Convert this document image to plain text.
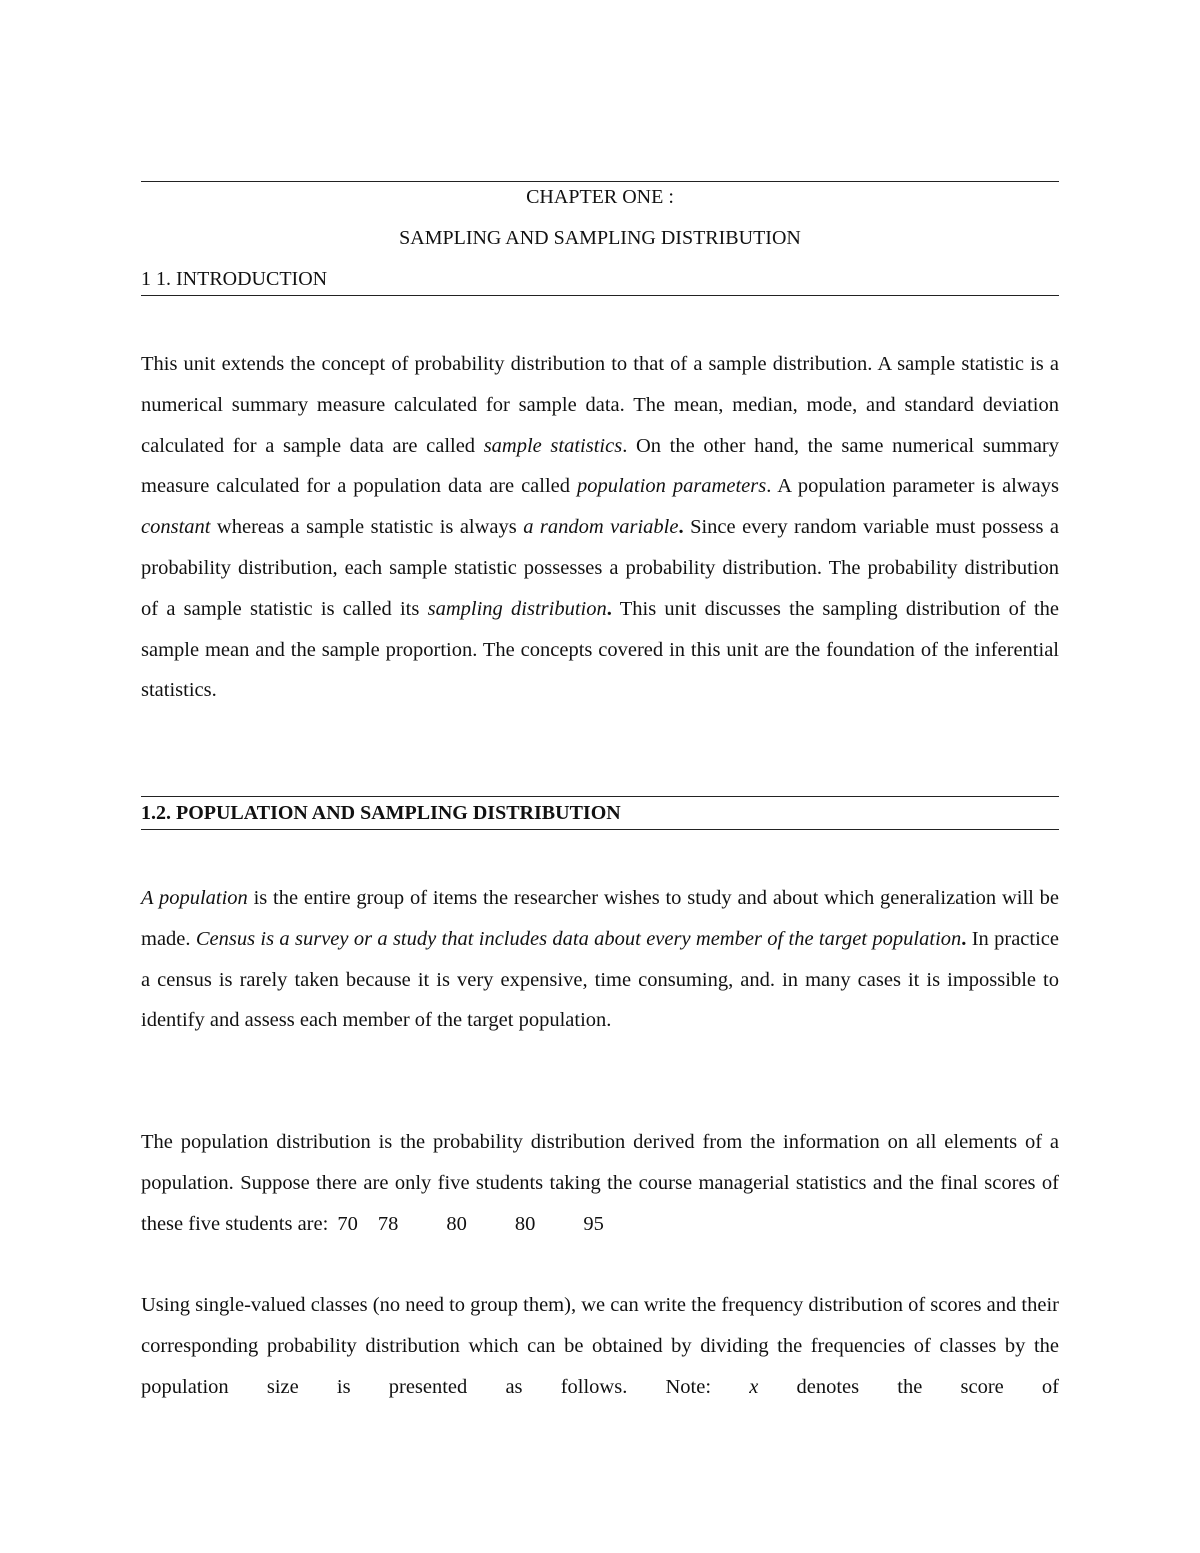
CHAPTER ONE :
SAMPLING AND SAMPLING DISTRIBUTION
1 1. INTRODUCTION
This unit extends the concept of probability distribution to that of a sample distribution. A sample statistic is a numerical summary measure calculated for sample data. The mean, median, mode, and standard deviation calculated for a sample data are called sample statistics. On the other hand, the same numerical summary measure calculated for a population data are called population parameters. A population parameter is always constant whereas a sample statistic is always a random variable. Since every random variable must possess a probability distribution, each sample statistic possesses a probability distribution. The probability distribution of a sample statistic is called its sampling distribution. This unit discusses the sampling distribution of the sample mean and the sample proportion. The concepts covered in this unit are the foundation of the inferential statistics.
1.2. POPULATION AND SAMPLING DISTRIBUTION
A population is the entire group of items the researcher wishes to study and about which generalization will be made. Census is a survey or a study that includes data about every member of the target population. In practice a census is rarely taken because it is very expensive, time consuming, and. in many cases it is impossible to identify and assess each member of the target population.
The population distribution is the probability distribution derived from the information on all elements of a population. Suppose there are only five students taking the course managerial statistics and the final scores of these five students are: 70 78 80 80 95
Using single-valued classes (no need to group them), we can write the frequency distribution of scores and their corresponding probability distribution which can be obtained by dividing the frequencies of classes by the population size is presented as follows. Note: x denotes the score of
